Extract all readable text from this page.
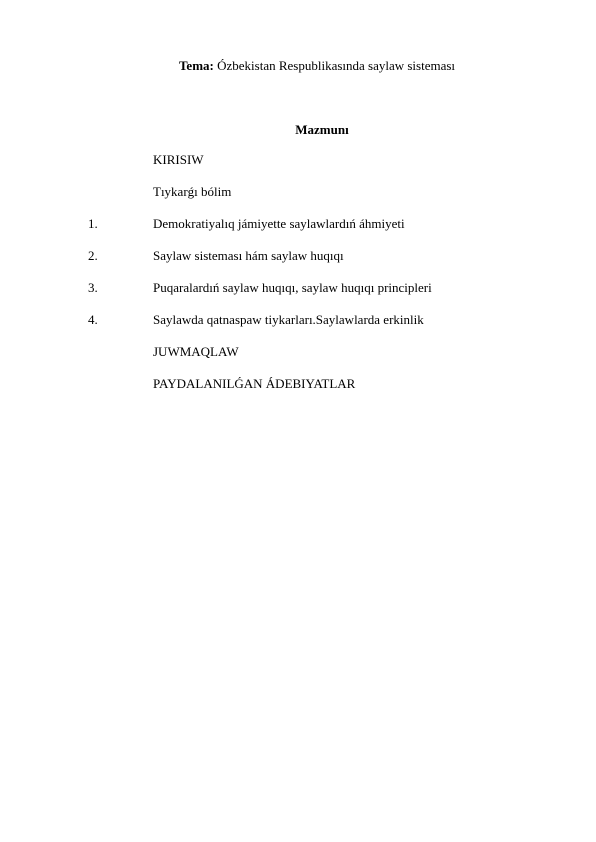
Tema: Ózbekistan Respublikasında saylaw sisteması
Mazmunı
KIRISIW
Tıykarǵı bólim
1.	Demokratiyalıq jámiyette saylawlardıń áhmiyeti
2.	Saylaw sisteması hám saylaw huqıqı
3.	Puqaralardıń saylaw huqıqı, saylaw huqıqı principleri
4.	Saylawda qatnaspaw tiykarları.Saylawlarda erkinlik
JUWMAQLAW
PAYDALANILǴAN ÁDEBIYATLAR
